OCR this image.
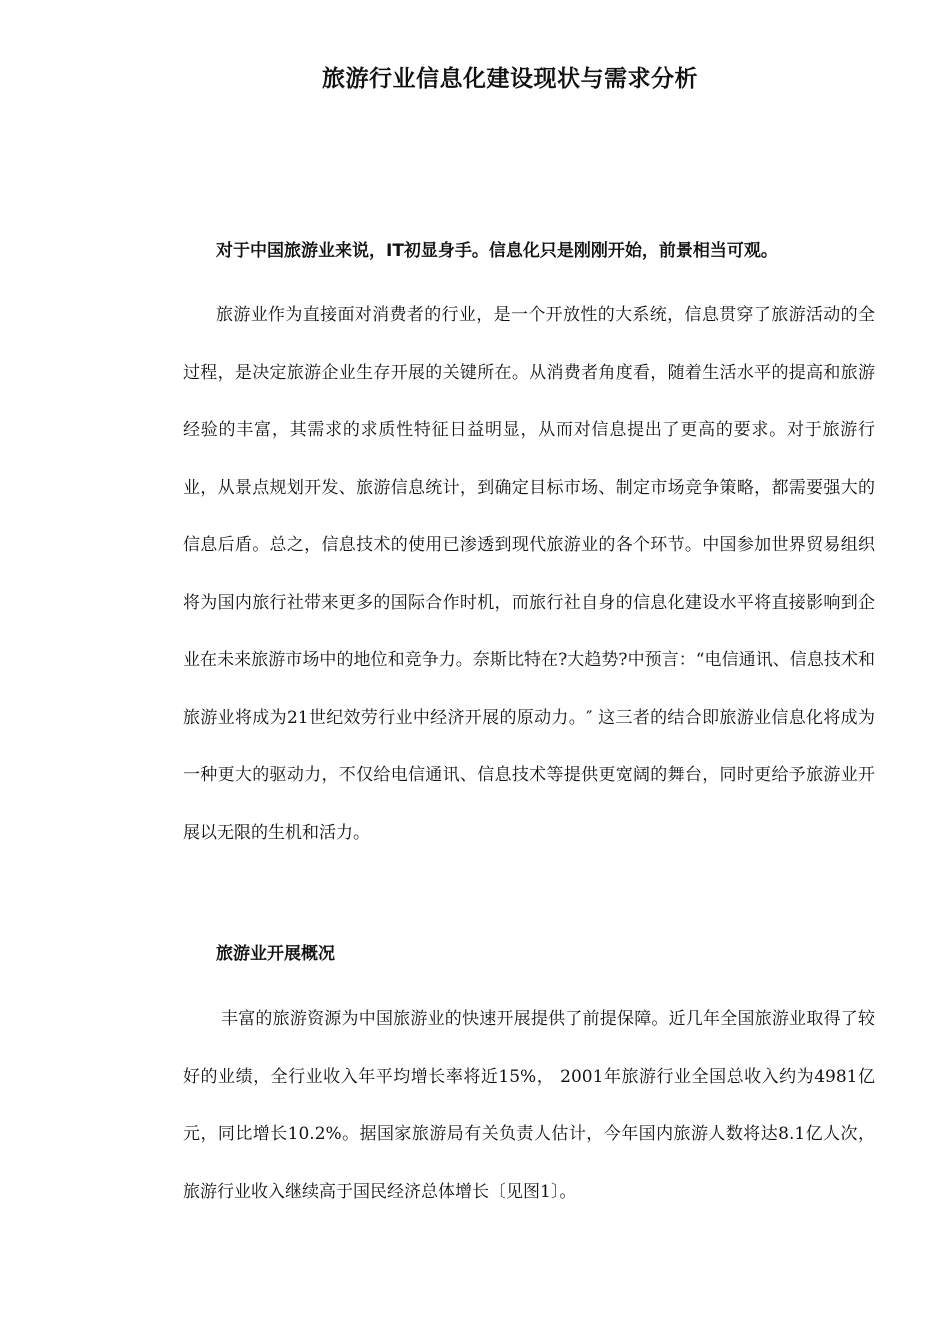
旅游行业信息化建设现状与需求分析

对于中国旅游业来说，IT初显身手。信息化只是刚刚开始，前景相当可观。

旅游业作为直接面对消费者的行业，是一个开放性的大系统，信息贯穿了旅游活动的全过程，是决定旅游企业生存开展的关键所在。从消费者角度看，随着生活水平的提高和旅游经验的丰富，其需求的求质性特征日益明显，从而对信息提出了更高的要求。对于旅游行业，从景点规划开发、旅游信息统计，到确定目标市场、制定市场竞争策略，都需要强大的信息后盾。总之，信息技术的使用已渗透到现代旅游业的各个环节。中国参加世界贸易组织将为国内旅行社带来更多的国际合作时机，而旅行社自身的信息化建设水平将直接影响到企业在未来旅游市场中的地位和竞争力。奈斯比特在?大趋势?中预言：“电信通讯、信息技术和旅游业将成为21世纪效劳行业中经济开展的原动力。″ 这三者的结合即旅游业信息化将成为一种更大的驱动力，不仅给电信通讯、信息技术等提供更宽阔的舞台，同时更给予旅游业开展以无限的生机和活力。

旅游业开展概况

丰富的旅游资源为中国旅游业的快速开展提供了前提保障。近几年全国旅游业取得了较好的业绩，全行业收入年平均增长率将近15%， 2001年旅游行业全国总收入约为4981亿元，同比增长10.2%。据国家旅游局有关负责人估计，今年国内旅游人数将达8.1亿人次，旅游行业收入继续高于国民经济总体增长〔见图1〕。
